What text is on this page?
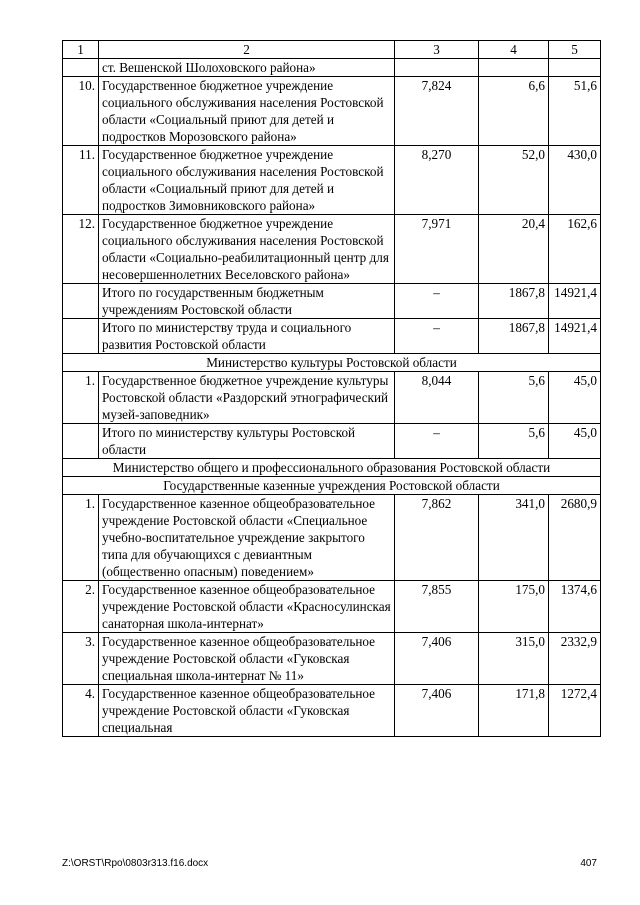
1	2	3	4	5
	ст. Вешенской Шолоховского района»			
10.	Государственное бюджетное учреждение социального обслуживания населения Ростовской области «Социальный приют для детей и подростков Морозовского района»	7,824	6,6	51,6
11.	Государственное бюджетное учреждение социального обслуживания населения Ростовской области «Социальный приют для детей и подростков Зимовниковского района»	8,270	52,0	430,0
12.	Государственное бюджетное учреждение социального обслуживания населения Ростовской области «Социально-реабилитационный центр для несовершеннолетних Веселовского района»	7,971	20,4	162,6
	Итого по государственным бюджетным учреждениям Ростовской области	–	1867,8	14921,4
	Итого по министерству труда и социального развития Ростовской области	–	1867,8	14921,4
Министерство культуры Ростовской области				
1.	Государственное бюджетное учреждение культуры Ростовской области «Раздорский этнографический музей-заповедник»	8,044	5,6	45,0
	Итого по министерству культуры Ростовской области	–	5,6	45,0
Министерство общего и профессионального образования Ростовской области				
Государственные казенные учреждения Ростовской области				
1.	Государственное казенное общеобразовательное учреждение Ростовской области «Специальное учебно-воспитательное учреждение закрытого типа для обучающихся с девиантным (общественно опасным) поведением»	7,862	341,0	2680,9
2.	Государственное казенное общеобразовательное учреждение Ростовской области «Красносулинская санаторная школа-интернат»	7,855	175,0	1374,6
3.	Государственное казенное общеобразовательное учреждение Ростовской области «Гуковская специальная школа-интернат № 11»	7,406	315,0	2332,9
4.	Государственное казенное общеобразовательное учреждение Ростовской области «Гуковская специальная	7,406	171,8	1272,4
Z:\ORST\Rpo\0803r313.f16.docx	407
